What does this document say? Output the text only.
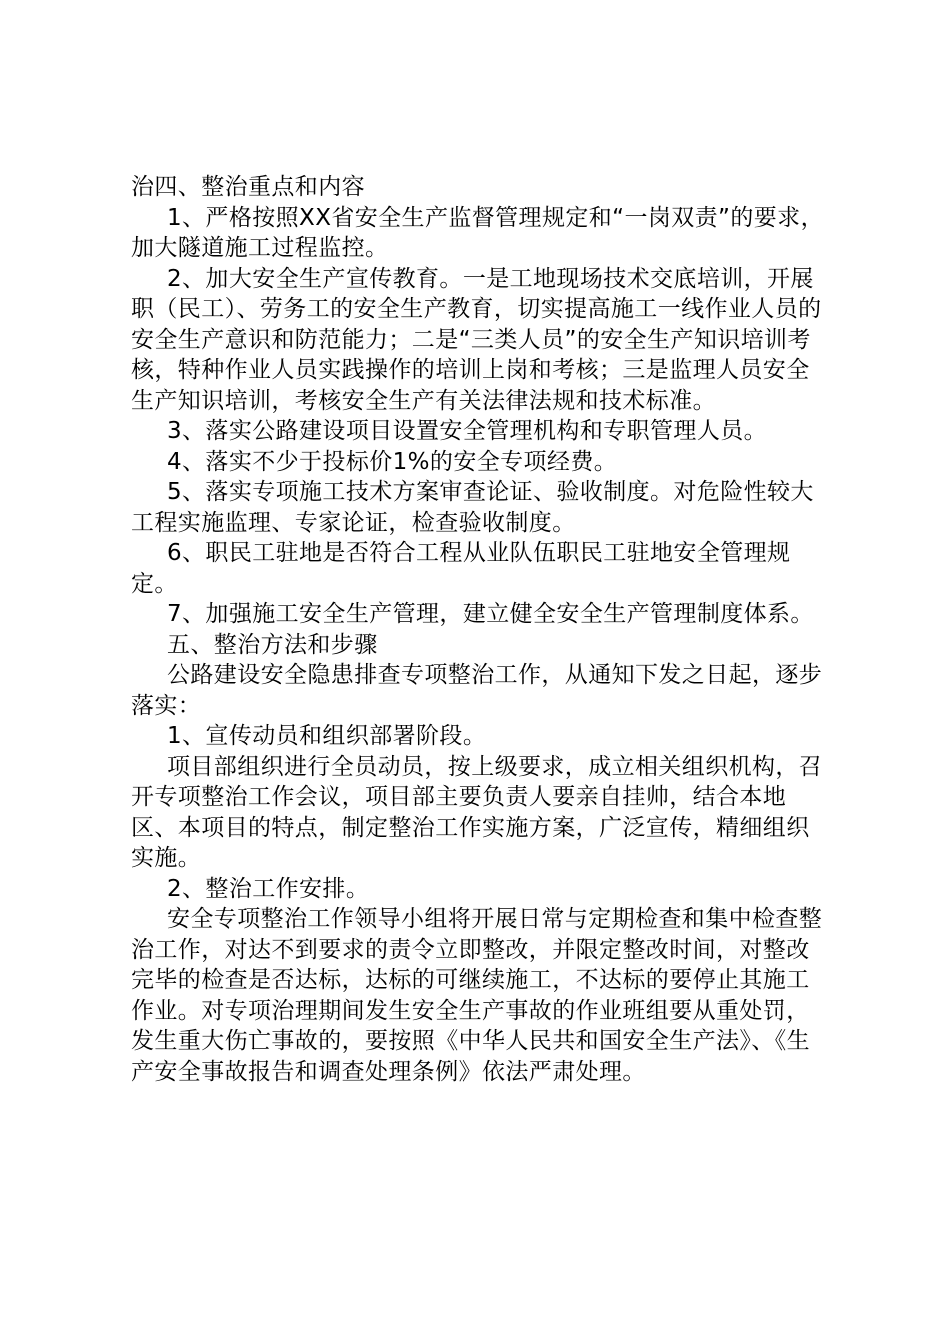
治四、整治重点和内容

1、严格按照XX省安全生产监督管理规定和“一岗双责”的要求，加大隧道施工过程监控。

2、加大安全生产宣传教育。一是工地现场技术交底培训，开展职（民工）、劳务工的安全生产教育，切实提高施工一线作业人员的安全生产意识和防范能力；二是“三类人员”的安全生产知识培训考核，特种作业人员实践操作的培训上岗和考核；三是监理人员安全生产知识培训，考核安全生产有关法律法规和技术标准。

3、落实公路建设项目设置安全管理机构和专职管理人员。

4、落实不少于投标价1%的安全专项经费。

5、落实专项施工技术方案审查论证、验收制度。对危险性较大工程实施监理、专家论证，检查验收制度。

6、职民工驻地是否符合工程从业队伍职民工驻地安全管理规定。

7、加强施工安全生产管理，建立健全安全生产管理制度体系。

五、整治方法和步骤

公路建设安全隐患排查专项整治工作，从通知下发之日起，逐步落实：

1、宣传动员和组织部署阶段。

项目部组织进行全员动员，按上级要求，成立相关组织机构，召开专项整治工作会议，项目部主要负责人要亲自挂帅，结合本地区、本项目的特点，制定整治工作实施方案，广泛宣传，精细组织实施。

2、整治工作安排。

安全专项整治工作领导小组将开展日常与定期检查和集中检查整治工作，对达不到要求的责令立即整改，并限定整改时间，对整改完毕的检查是否达标，达标的可继续施工，不达标的要停止其施工作业。对专项治理期间发生安全生产事故的作业班组要从重处罚，发生重大伤亡事故的，要按照《中华人民共和国安全生产法》、《生产安全事故报告和调查处理条例》依法严肃处理。
